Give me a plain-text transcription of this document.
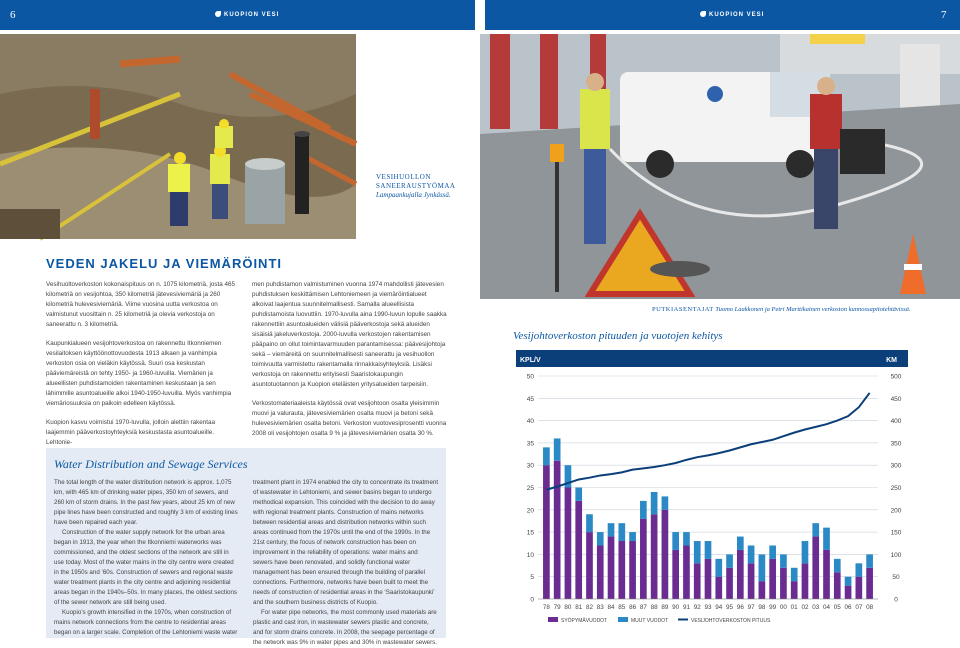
6	KUOPION VESI	KUOPION VESI	7
VESIHUOLLON SANEERAUSTYÖMAA
Lampaankujalla Jynkässä.
PUTKIASENTAJAT Tuomo Laakkonen ja Petri Marttikainen verkoston kunnossapitotehtävissä.
VEDEN JAKELU JA VIEMÄRÖINTI

Vesihuoltoverkoston kokonaispituus on n. 1075 kilometriä, josta 465 kilometriä on vesijohtoa, 350 kilometriä jätevesiviemäriä ja 260 kilometriä hulevesiviemäriä. Viime vuosina uutta verkostoa on valmistunut vuosittain n. 25 kilometriä ja olevia verkostoja on saneerattu n. 3 kilometriä.

Kaupunkialueen vesijohtoverkostoa on rakennettu Itkonniemen vesilaitoksen käyttöönottovuodesta 1913 alkaen ja vanhimpia verkoston osia on vieläkin käytössä. Suuri osa keskustan pääviemäreistä on tehty 1950- ja 1960-luvuilla. Viemärien ja alueellisten puhdistamoiden rakentaminen keskustaan ja sen lähimmille asuntoalueille alkoi 1940-1950-luvuilla. Myös vanhimpia viemäriosuuksia on paikoin edelleen käytössä.

Kuopion kasvu voimistui 1970-luvulla, jolloin alettiin rakentaa laajemmin pääverkostoyhteyksiä keskustasta asuntoalueille. Lehtonie-

men puhdistamon valmistuminen vuonna 1974 mahdollisti jätevesien puhdistuksen keskittämisen Lehtoniemeen ja viemäröintialueet alkoivat laajentua suunnitelmallisesti. Samalla alueellisista puhdistamoista luovuttiin. 1970-luvulla aina 1990-luvun lopulle saakka rakennettiin asuntoalueiden välisiä pääverkostoja sekä alueiden sisäisiä jakeluverkostoja. 2000-luvulla verkostojen rakentamisen pääpaino on ollut toimintavarmuuden parantamisessa: päävesijohtoja sekä – viemäreitä on suunnitelmallisesti saneerattu ja vesihuollon toimivuutta varmistettu rakentamalla rinnakkaisyhteyksiä. Lisäksi verkostoja on rakennettu erityisesti Saaristokaupungin asuntotuotannon ja Kuopion eteläisten yritysalueiden tarpeisiin.

Verkostomateriaaleista käytössä ovat vesijohtoon osalta yleisimmin muovi ja valurauta, jätevesiviemärien osalta muovi ja betoni sekä hulevesiviemärien osalta betoni. Verkoston vuotovesiprosentti vuonna 2008 oli vesijohtojen osalta 9 % ja jätevesiviemärien osalta 30 %.

Water Distribution and Sewage Services

The total length of the water distribution network is approx. 1,075 km, with 465 km of drinking water pipes, 350 km of sewers, and 260 km of storm drains. In the past few years, about 25 km of new pipe lines have been constructed and roughly 3 km of existing lines have been repaired each year.

Construction of the water supply network for the urban area began in 1913, the year when the Itkonniemi waterworks was commissioned, and the oldest sections of the network are still in use today. Most of the water mains in the city centre were created in the 1950s and ’60s. Construction of sewers and regional waste water treatment plants in the city centre and adjoining residential areas began in the 1940s–50s. In many places, the oldest sections of the sewer network are still being used.

Kuopio’s growth intensified in the 1970s, when construction of mains network connections from the centre to residential areas began on a larger scale. Completion of the Lehtoniemi waste water

treatment plant in 1974 enabled the city to concentrate its treatment of wastewater in Lehtoniemi, and sewer basins began to undergo methodical expansion. This coincided with the decision to do away with regional treatment plants. Construction of mains networks between residential areas and distribution networks within such areas continued from the 1970s until the end of the 1990s. In the 21st century, the focus of network construction has been on improvement in the reliability of operations: water mains and sewers have been renovated, and solidly functional water management has been ensured through the building of parallel connections. Furthermore, networks have been built to meet the needs of construction of residential areas in the ‘Saaristokaupunki’ and the southern business districts of Kuopio.

For water pipe networks, the most commonly used materials are plastic and cast iron, in wastewater sewers plastic and concrete, and for storm drains concrete. In 2008, the seepage percentage of the network was 9% in water pipes and 30% in wastewater sewers.

Vesijohtoverkoston pituuden ja vuotojen kehitys
KPL/V	KM
0
5
10
15
20
25
30
35
40
45
50
0
50
100
150
200
250
300
350
400
450
500
78 79 80 81 82 83 84 85 86 87 88 89 90 91 92 93 94 95 96 97 98 99 00 01 02 03 04 05 06 07 08
SYÖPYMÄVUODOT	MUUT VUODOT	VESIJOHTOVERKOSTON PITUUS
